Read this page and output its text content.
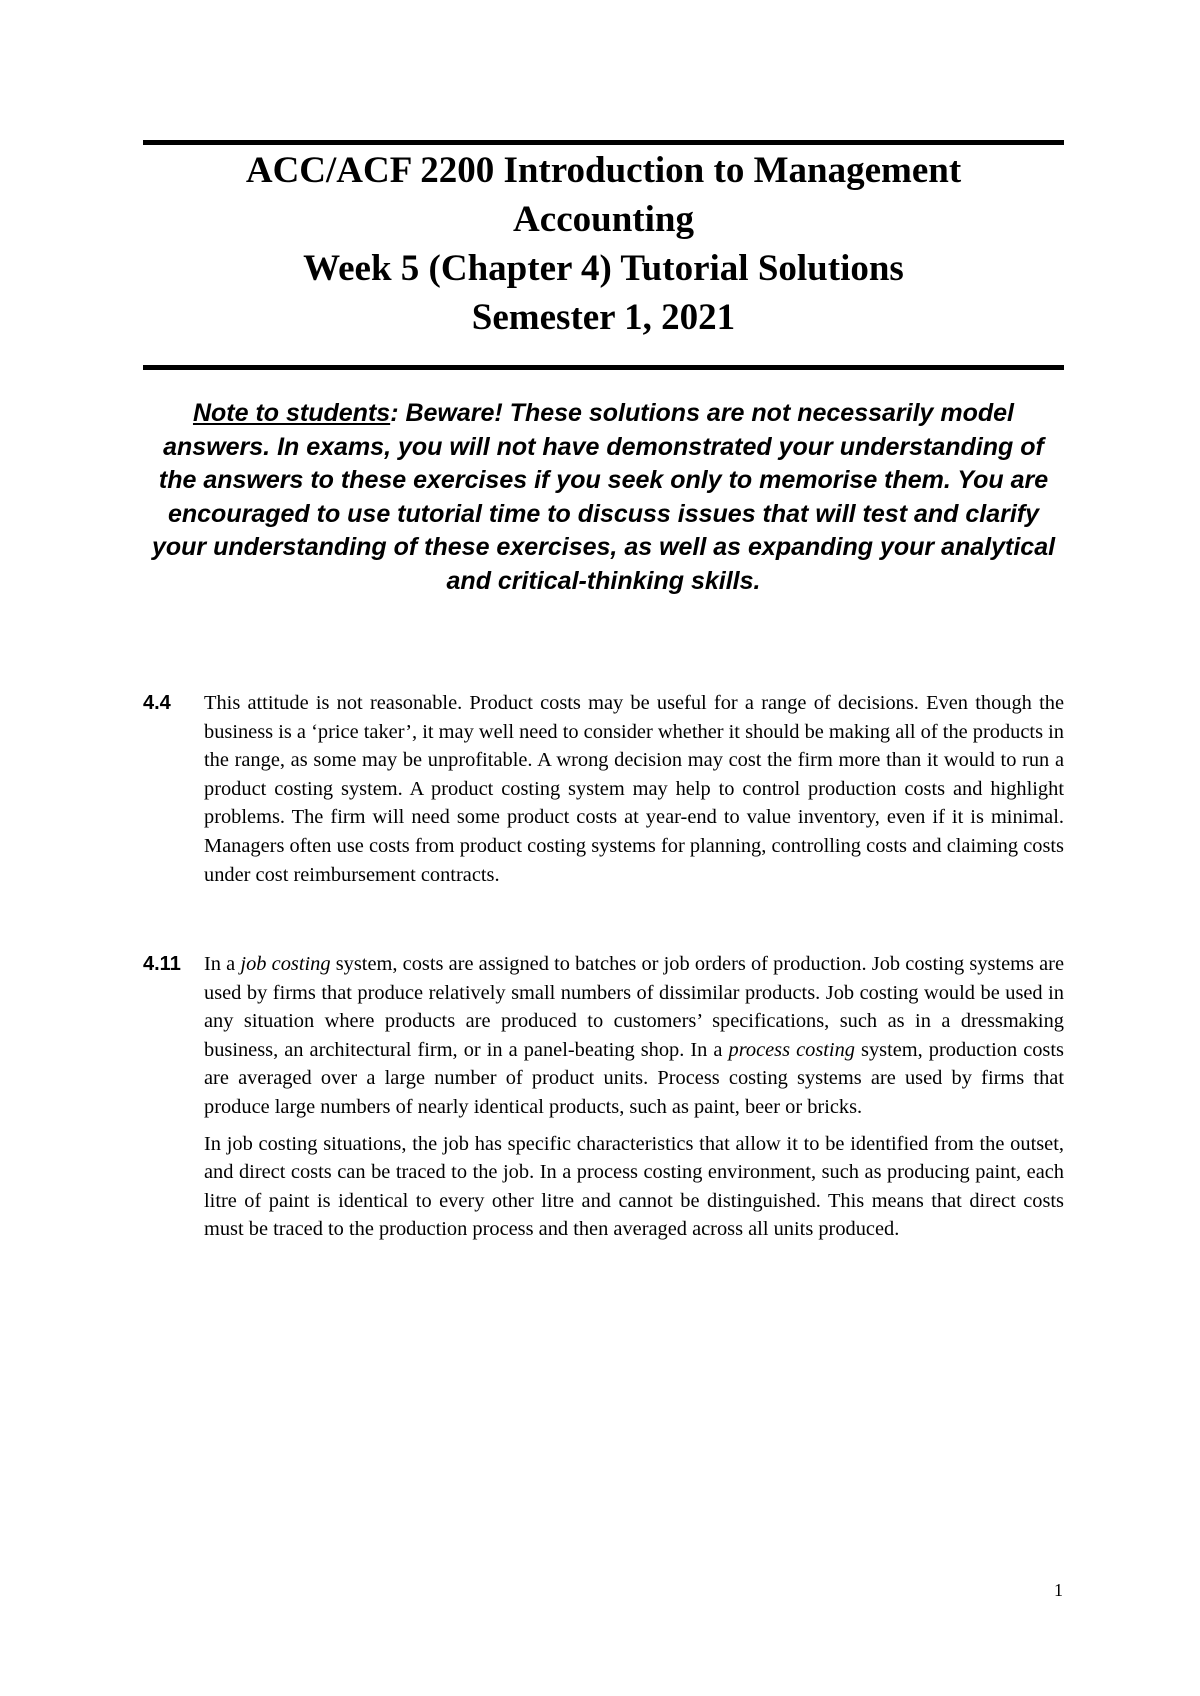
ACC/ACF 2200 Introduction to Management
Accounting
Week 5 (Chapter 4) Tutorial Solutions
Semester 1, 2021
Note to students: Beware! These solutions are not necessarily model answers. In exams, you will not have demonstrated your understanding of the answers to these exercises if you seek only to memorise them. You are encouraged to use tutorial time to discuss issues that will test and clarify your understanding of these exercises, as well as expanding your analytical and critical-thinking skills.
4.4 This attitude is not reasonable. Product costs may be useful for a range of decisions. Even though the business is a ‘price taker’, it may well need to consider whether it should be making all of the products in the range, as some may be unprofitable. A wrong decision may cost the firm more than it would to run a product costing system. A product costing system may help to control production costs and highlight problems. The firm will need some product costs at year-end to value inventory, even if it is minimal. Managers often use costs from product costing systems for planning, controlling costs and claiming costs under cost reimbursement contracts.

4.11 In a job costing system, costs are assigned to batches or job orders of production. Job costing systems are used by firms that produce relatively small numbers of dissimilar products. Job costing would be used in any situation where products are produced to customers’ specifications, such as in a dressmaking business, an architectural firm, or in a panel-beating shop. In a process costing system, production costs are averaged over a large number of product units. Process costing systems are used by firms that produce large numbers of nearly identical products, such as paint, beer or bricks.

In job costing situations, the job has specific characteristics that allow it to be identified from the outset, and direct costs can be traced to the job. In a process costing environment, such as producing paint, each litre of paint is identical to every other litre and cannot be distinguished. This means that direct costs must be traced to the production process and then averaged across all units produced.

1
